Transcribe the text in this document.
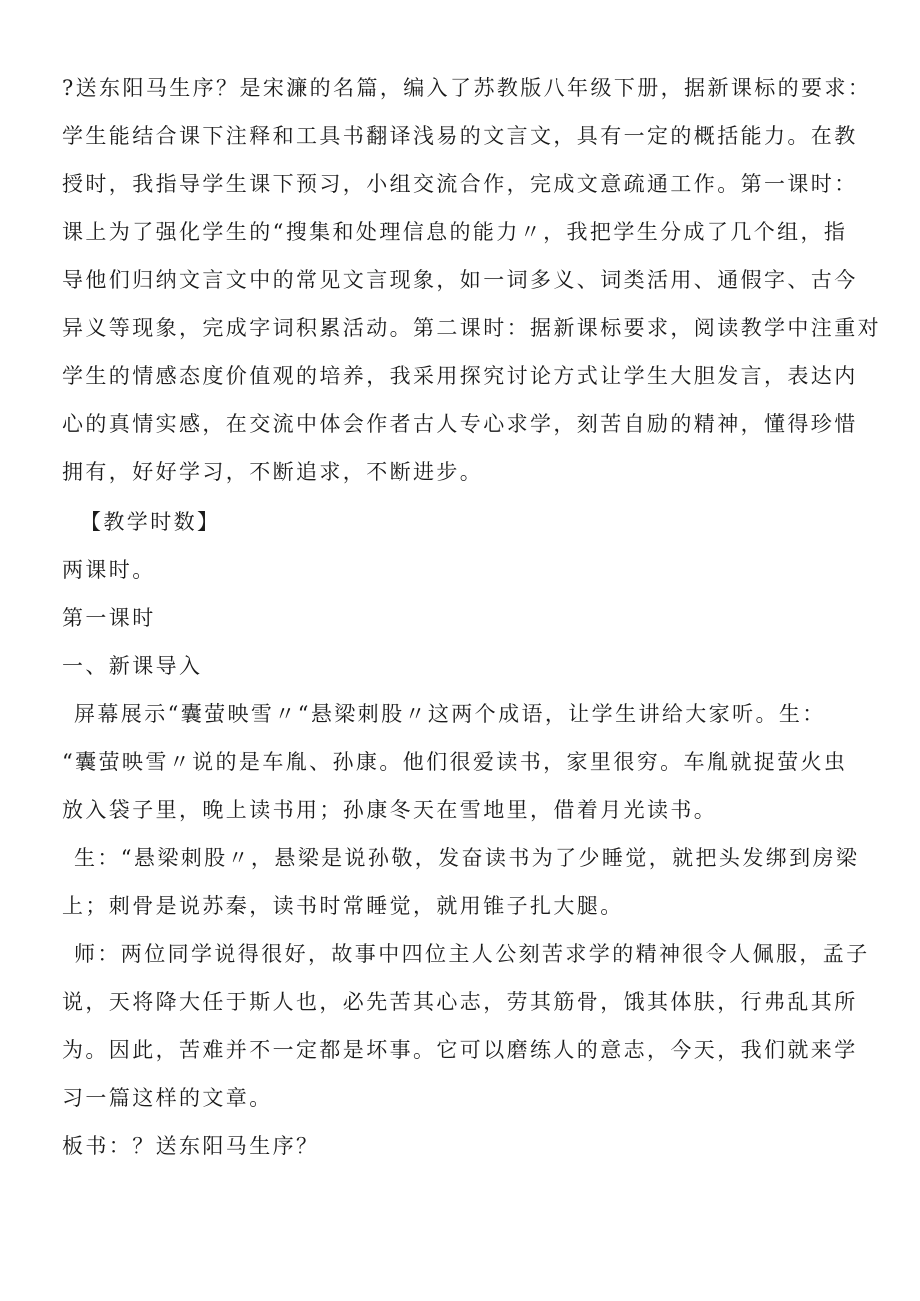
?送东阳马生序？是宋濂的名篇，编入了苏教版八年级下册，据新课标的要求：
学生能结合课下注释和工具书翻译浅易的文言文，具有一定的概括能力。在教
授时，我指导学生课下预习，小组交流合作，完成文意疏通工作。第一课时：
课上为了强化学生的“搜集和处理信息的能力〃，我把学生分成了几个组，指
导他们归纳文言文中的常见文言现象，如一词多义、词类活用、通假字、古今
异义等现象，完成字词积累活动。第二课时：据新课标要求，阅读教学中注重对
学生的情感态度价值观的培养，我采用探究讨论方式让学生大胆发言，表达内
心的真情实感，在交流中体会作者古人专心求学，刻苦自励的精神，懂得珍惜
拥有，好好学习，不断追求，不断进步。
【教学时数】
两课时。
第一课时
一、新课导入
屏幕展示“囊萤映雪〃“悬梁刺股〃这两个成语，让学生讲给大家听。生：
“囊萤映雪〃说的是车胤、孙康。他们很爱读书，家里很穷。车胤就捉萤火虫
放入袋子里，晚上读书用；孙康冬天在雪地里，借着月光读书。
生：“悬梁刺股〃，悬梁是说孙敬，发奋读书为了少睡觉，就把头发绑到房梁
上；刺骨是说苏秦，读书时常睡觉，就用锥子扎大腿。
师：两位同学说得很好，故事中四位主人公刻苦求学的精神很令人佩服，孟子
说，天将降大任于斯人也，必先苦其心志，劳其筋骨，饿其体肤，行弗乱其所
为。因此，苦难并不一定都是坏事。它可以磨练人的意志，今天，我们就来学
习一篇这样的文章。
板书：？送东阳马生序？
